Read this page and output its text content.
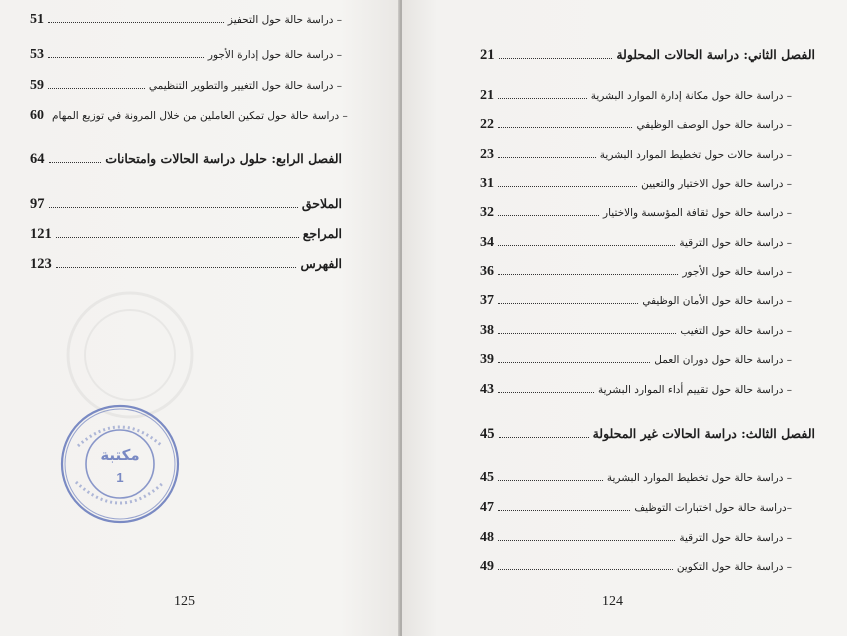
51	– دراسة حالة حول التحفيز
53	– دراسة حالة حول إدارة الأجور
59	– دراسة حالة حول التغيير والتطوير التنظيمي
60 – دراسة حالة حول تمكين العاملين من خلال المرونة في توزيع المهام
64	الفصل الرابع: حلول دراسة الحالات وامتحانات
97	الملاحق
121	المراجع
123	الفهرس
مكتبة
1
125
21	الفصل الثاني: دراسة الحالات المحلولة
21	– دراسة حالة حول مكانة إدارة الموارد البشرية
22	– دراسة حالة حول الوصف الوظيفي
23	– دراسة حالات حول تخطيط الموارد البشرية
31	– دراسة حالة حول الاختيار والتعيين
32	– دراسة حالة حول ثقافة المؤسسة والاختيار
34	– دراسة حالة حول الترقية
36	– دراسة حالة حول الأجور
37	– دراسة حالة حول الأمان الوظيفي
38	– دراسة حالة حول التغيب
39	– دراسة حالة حول دوران العمل
43	– دراسة حالة حول تقييم أداء الموارد البشرية
45	الفصل الثالث: دراسة الحالات غير المحلولة
45	– دراسة حالة حول تخطيط الموارد البشرية
47	–دراسة حالة حول اختبارات التوظيف
48	– دراسة حالة حول الترقية
49	– دراسة حالة حول التكوين
124
